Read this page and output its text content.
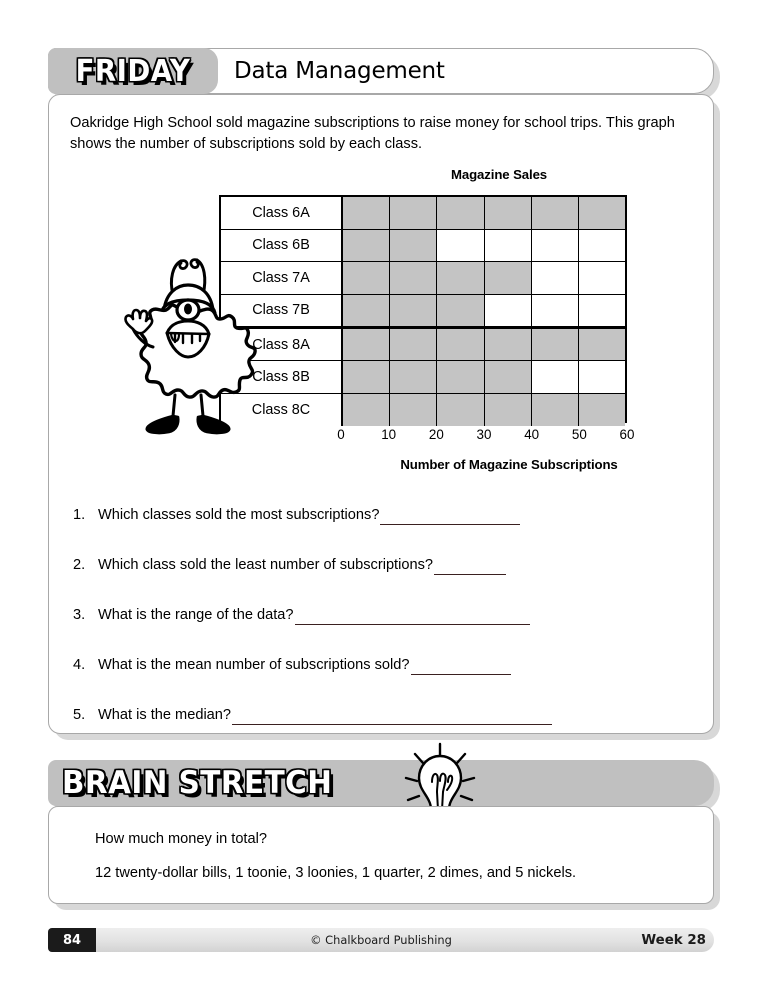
FRIDAY	Data Management
Oakridge High School sold magazine subscriptions to raise money for school trips. This graph shows the number of subscriptions sold by each class.
Magazine Sales
Class 6A
Class 6B
Class 7A
Class 7B
Class 8A
Class 8B
Class 8C
0	10	20	30	40	50	60
Number of Magazine Subscriptions
1. Which classes sold the most subscriptions?
2. Which class sold the least number of subscriptions?
3. What is the range of the data?
4. What is the mean number of subscriptions sold?
5. What is the median?
BRAIN STRETCH
How much money in total?
12 twenty-dollar bills, 1 toonie, 3 loonies, 1 quarter, 2 dimes, and 5 nickels.
© Chalkboard Publishing
84	Week 28
